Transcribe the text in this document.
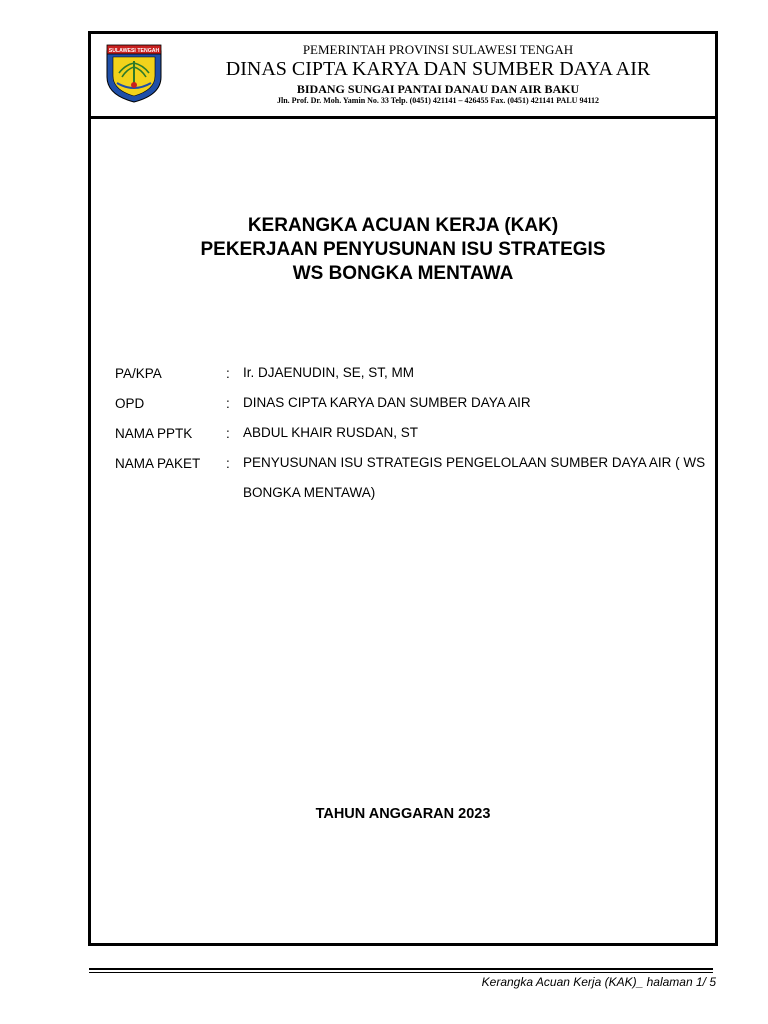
SULAWESI TENGAH	PEMERINTAH PROVINSI SULAWESI TENGAH
DINAS CIPTA KARYA DAN SUMBER DAYA AIR
BIDANG SUNGAI PANTAI DANAU DAN AIR BAKU
Jln. Prof. Dr. Moh. Yamin No. 33 Telp. (0451) 421141 – 426455 Fax. (0451) 421141 PALU 94112
KERANGKA ACUAN KERJA (KAK)
PEKERJAAN PENYUSUNAN ISU STRATEGIS
WS BONGKA MENTAWA
PA/KPA	: Ir. DJAENUDIN, SE, ST, MM
OPD	: DINAS CIPTA KARYA DAN SUMBER DAYA AIR
NAMA PPTK : ABDUL KHAIR RUSDAN, ST
NAMA PAKET : PENYUSUNAN ISU STRATEGIS PENGELOLAAN SUMBER DAYA AIR ( WS BONGKA MENTAWA)
TAHUN ANGGARAN 2023
Kerangka Acuan Kerja (KAK)_ halaman 1/ 5
